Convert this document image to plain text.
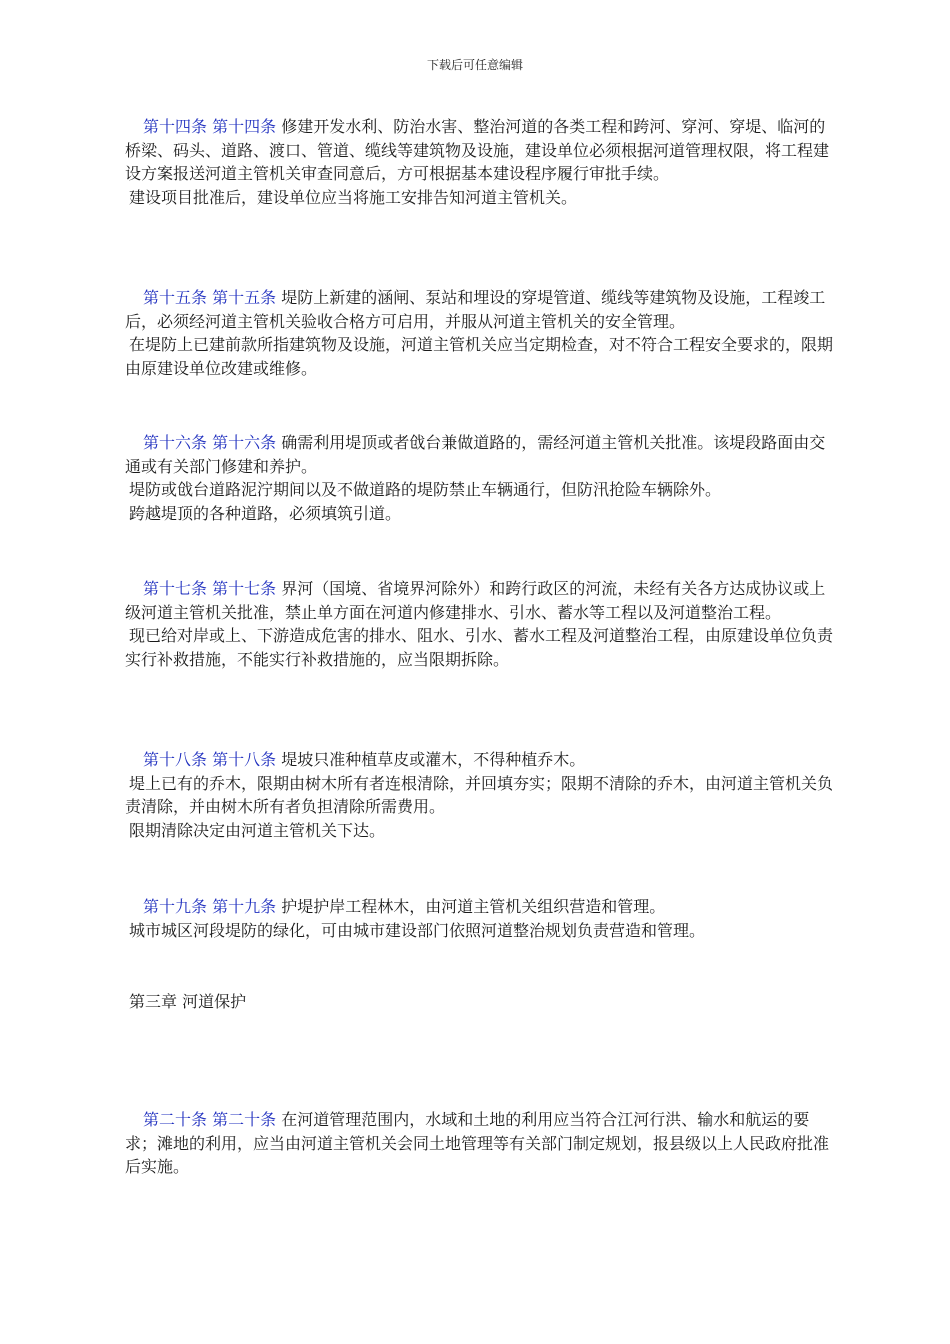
下载后可任意编辑

第十四条 第十四条 修建开发水利、防治水害、整治河道的各类工程和跨河、穿河、穿堤、临河的桥梁、码头、道路、渡口、管道、缆线等建筑物及设施，建设单位必须根据河道管理权限，将工程建设方案报送河道主管机关审查同意后，方可根据基本建设程序履行审批手续。

建设项目批准后，建设单位应当将施工安排告知河道主管机关。

第十五条 第十五条 堤防上新建的涵闸、泵站和埋设的穿堤管道、缆线等建筑物及设施，工程竣工后，必须经河道主管机关验收合格方可启用，并服从河道主管机关的安全管理。

在堤防上已建前款所指建筑物及设施，河道主管机关应当定期检查，对不符合工程安全要求的，限期由原建设单位改建或维修。

第十六条 第十六条 确需利用堤顶或者戗台兼做道路的，需经河道主管机关批准。该堤段路面由交通或有关部门修建和养护。

堤防或戗台道路泥泞期间以及不做道路的堤防禁止车辆通行，但防汛抢险车辆除外。

跨越堤顶的各种道路，必须填筑引道。

第十七条 第十七条 界河（国境、省境界河除外）和跨行政区的河流，未经有关各方达成协议或上级河道主管机关批准，禁止单方面在河道内修建排水、引水、蓄水等工程以及河道整治工程。

现已给对岸或上、下游造成危害的排水、阻水、引水、蓄水工程及河道整治工程，由原建设单位负责实行补救措施，不能实行补救措施的，应当限期拆除。

第十八条 第十八条 堤坡只准种植草皮或灌木，不得种植乔木。

堤上已有的乔木，限期由树木所有者连根清除，并回填夯实；限期不清除的乔木，由河道主管机关负责清除，并由树木所有者负担清除所需费用。

限期清除决定由河道主管机关下达。

第十九条 第十九条 护堤护岸工程林木，由河道主管机关组织营造和管理。

城市城区河段堤防的绿化，可由城市建设部门依照河道整治规划负责营造和管理。

第三章 河道保护

第二十条 第二十条 在河道管理范围内，水域和土地的利用应当符合江河行洪、输水和航运的要求；滩地的利用，应当由河道主管机关会同土地管理等有关部门制定规划，报县级以上人民政府批准后实施。
